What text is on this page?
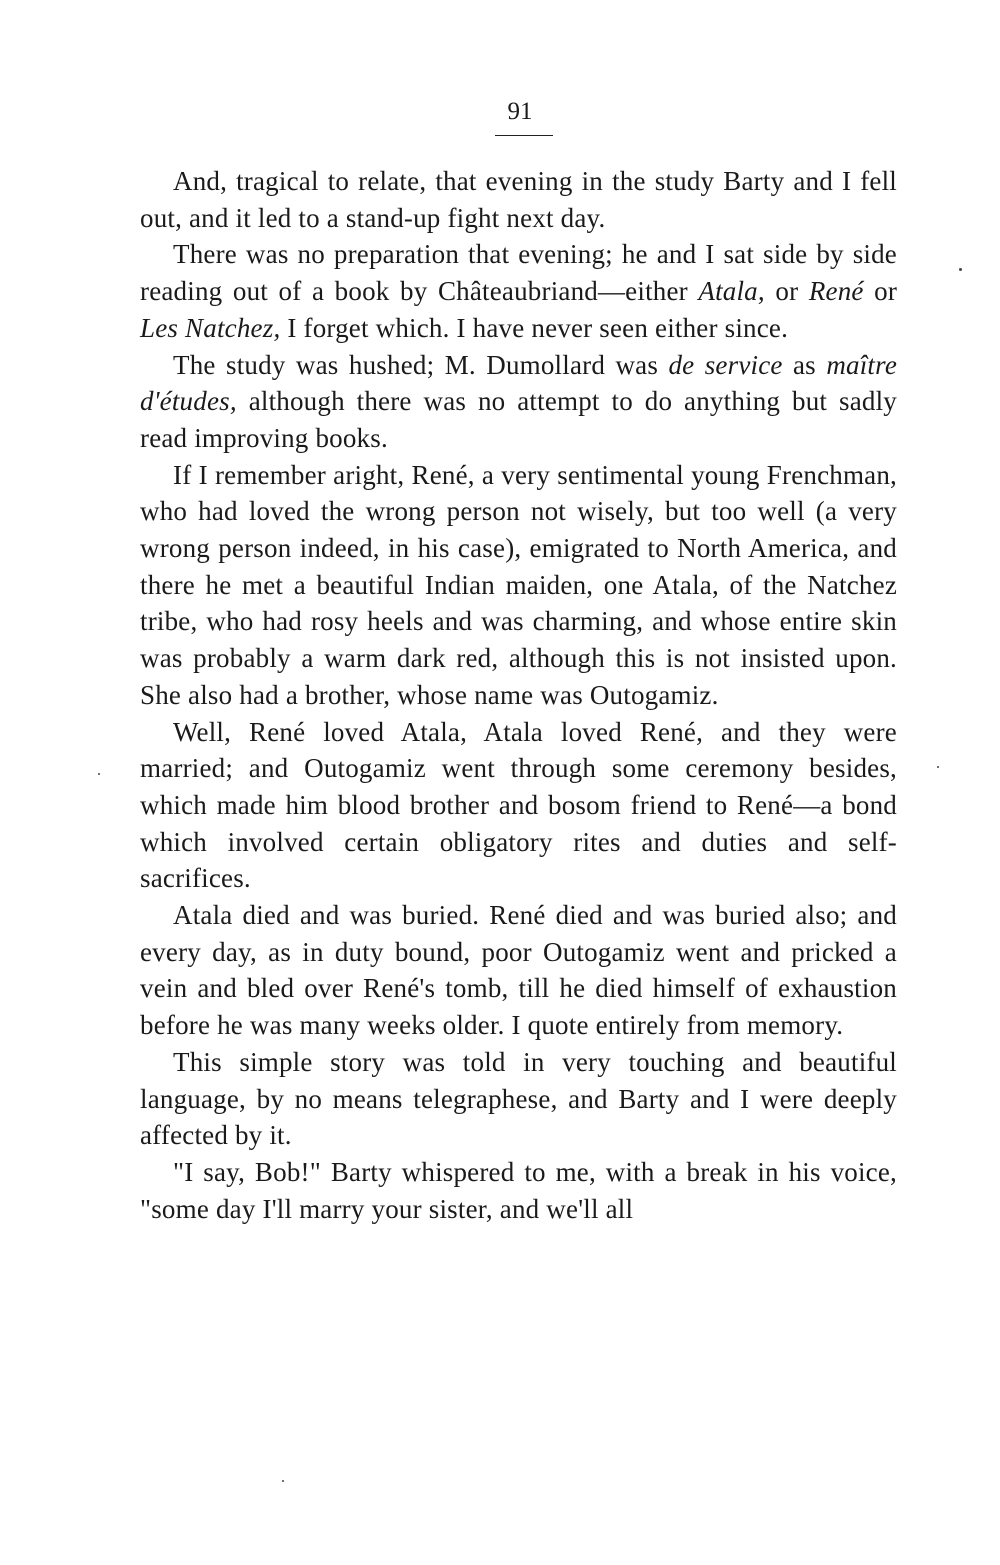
91

And, tragical to relate, that evening in the study Barty and I fell out, and it led to a stand-up fight next day.

There was no preparation that evening; he and I sat side by side reading out of a book by Châteaubriand—either Atala, or René or Les Natchez, I forget which. I have never seen either since.

The study was hushed; M. Dumollard was de service as maître d'études, although there was no attempt to do anything but sadly read improving books.

If I remember aright, René, a very sentimental young Frenchman, who had loved the wrong person not wisely, but too well (a very wrong person indeed, in his case), emigrated to North America, and there he met a beautiful Indian maiden, one Atala, of the Natchez tribe, who had rosy heels and was charming, and whose entire skin was probably a warm dark red, although this is not insisted upon. She also had a brother, whose name was Outogamiz.

Well, René loved Atala, Atala loved René, and they were married; and Outogamiz went through some ceremony besides, which made him blood brother and bosom friend to René—a bond which involved certain obligatory rites and duties and self-sacrifices.

Atala died and was buried. René died and was buried also; and every day, as in duty bound, poor Outogamiz went and pricked a vein and bled over René's tomb, till he died himself of exhaustion before he was many weeks older. I quote entirely from memory.

This simple story was told in very touching and beautiful language, by no means telegraphese, and Barty and I were deeply affected by it.

"I say, Bob!" Barty whispered to me, with a break in his voice, "some day I'll marry your sister, and we'll all
